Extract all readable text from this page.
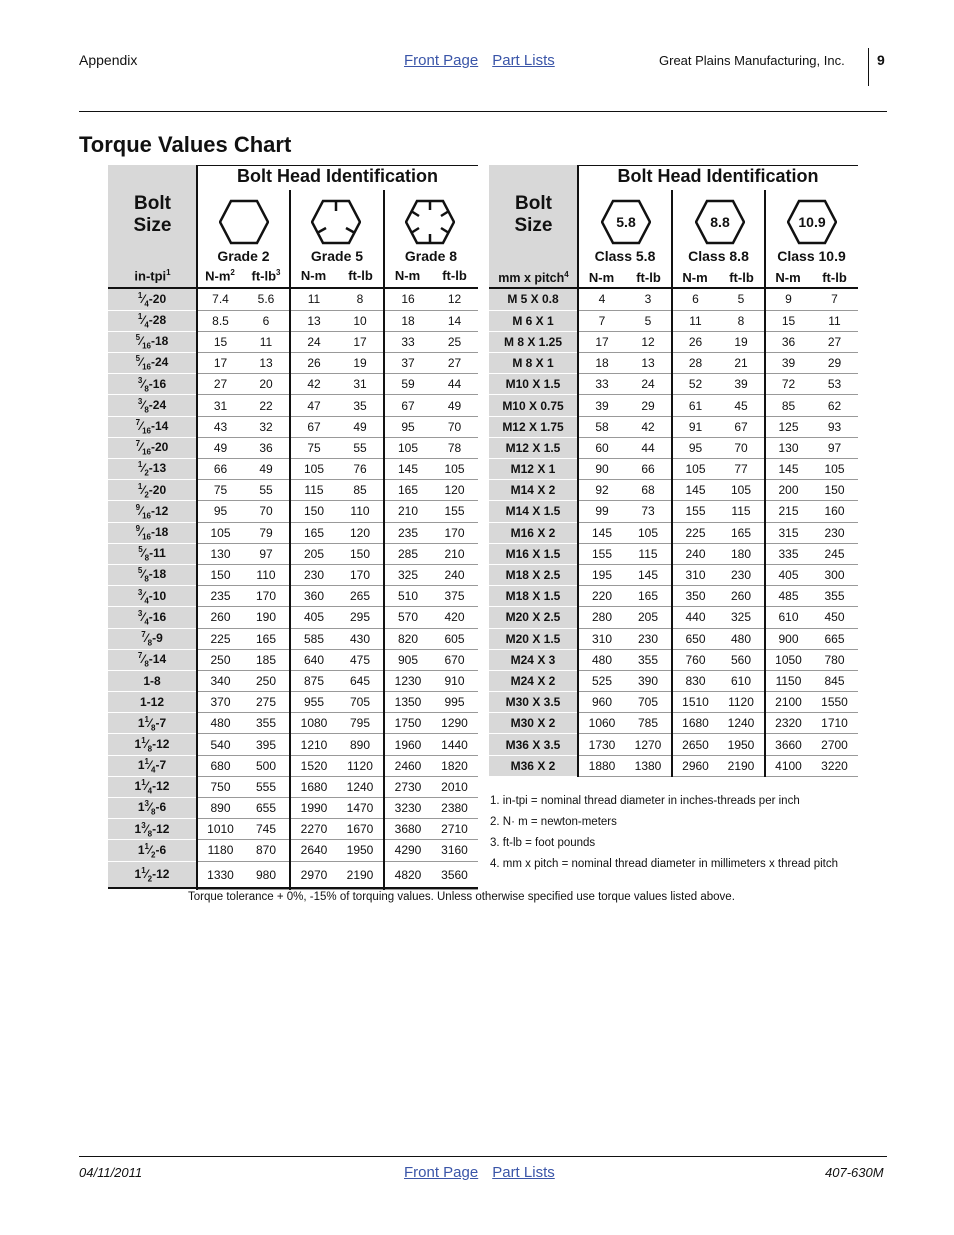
Appendix	Front Page Part Lists	Great Plains Manufacturing, Inc. 9
Torque Values Chart
Bolt Size
in-tpi$^1$
Bolt Head Identification
Grade 2	Grade 5	Grade 8
$N-m^2$	$ft-lb^3$	N-m	ft-lb	N-m	ft-lb
$^1⁄_4-20$	7.4	5.6	11	8	16	12
$^1⁄_4-28$	8.5	6	13	10	18	14
$^5⁄_{16}-18$	15	11	24	17	33	25
$^5⁄_{16}-24$	17	13	26	19	37	27
$^3⁄_8-16$	27	20	42	31	59	44
$^3⁄_8-24$	31	22	47	35	67	49
$^7⁄_{16}-14$	43	32	67	49	95	70
$^7⁄_{16}-20$	49	36	75	55	105	78
$^1⁄_2-13$	66	49	105	76	145	105
$^1⁄_2-20$	75	55	115	85	165	120
$^9⁄_{16}-12$	95	70	150	110	210	155
$^9⁄_{16}-18$	105	79	165	120	235	170
$^5⁄_8-11$	130	97	205	150	285	210
$^5⁄_8-18$	150	110	230	170	325	240
$^3⁄_4-10$	235	170	360	265	510	375
$^3⁄_4-16$	260	190	405	295	570	420
$^7⁄_8-9$	225	165	585	430	820	605
$^7⁄_8-14$	250	185	640	475	905	670
1-8	340	250	875	645	1230	910
1-12	370	275	955	705	1350	995
$1^1⁄_8-7$	480	355	1080	795	1750	1290
$1^1⁄_8-12$	540	395	1210	890	1960	1440
$1^1⁄_4-7$	680	500	1520	1120	2460	1820
$1^1⁄_4-12$	750	555	1680	1240	2730	2010
$1^3⁄_8-6$	890	655	1990	1470	3230	2380
$1^3⁄_8-12$	1010	745	2270	1670	3680	2710
$1^1⁄_2-6$	1180	870	2640	1950	4290	3160
$1^1⁄_2-12$	1330	980	2970	2190	4820	3560
Bolt Size
mm x pitch$^4$
Bolt Head Identification
5.8	8.8	10.9
Class 5.8	Class 8.8	Class 10.9
N-m	ft-lb	N-m	ft-lb	N-m	ft-lb
M 5 X 0.8	4	3	6	5	9	7
M 6 X 1	7	5	11	8	15	11
M 8 X 1.25	17	12	26	19	36	27
M 8 X 1	18	13	28	21	39	29
M10 X 1.5	33	24	52	39	72	53
M10 X 0.75	39	29	61	45	85	62
M12 X 1.75	58	42	91	67	125	93
M12 X 1.5	60	44	95	70	130	97
M12 X 1	90	66	105	77	145	105
M14 X 2	92	68	145	105	200	150
M14 X 1.5	99	73	155	115	215	160
M16 X 2	145	105	225	165	315	230
M16 X 1.5	155	115	240	180	335	245
M18 X 2.5	195	145	310	230	405	300
M18 X 1.5	220	165	350	260	485	355
M20 X 2.5	280	205	440	325	610	450
M20 X 1.5	310	230	650	480	900	665
M24 X 3	480	355	760	560	1050	780
M24 X 2	525	390	830	610	1150	845
M30 X 3.5	960	705	1510	1120	2100	1550
M30 X 2	1060	785	1680	1240	2320	1710
M36 X 3.5	1730	1270	2650	1950	3660	2700
M36 X 2	1880	1380	2960	2190	4100	3220
1. in-tpi = nominal thread diameter in inches-threads per inch
2. N· m = newton-meters
3. ft-lb = foot pounds
4. mm x pitch = nominal thread diameter in millimeters x thread pitch
Torque tolerance + 0%, -15% of torquing values. Unless otherwise specified use torque values listed above.
04/11/2011	Front Page Part Lists	407-630M
